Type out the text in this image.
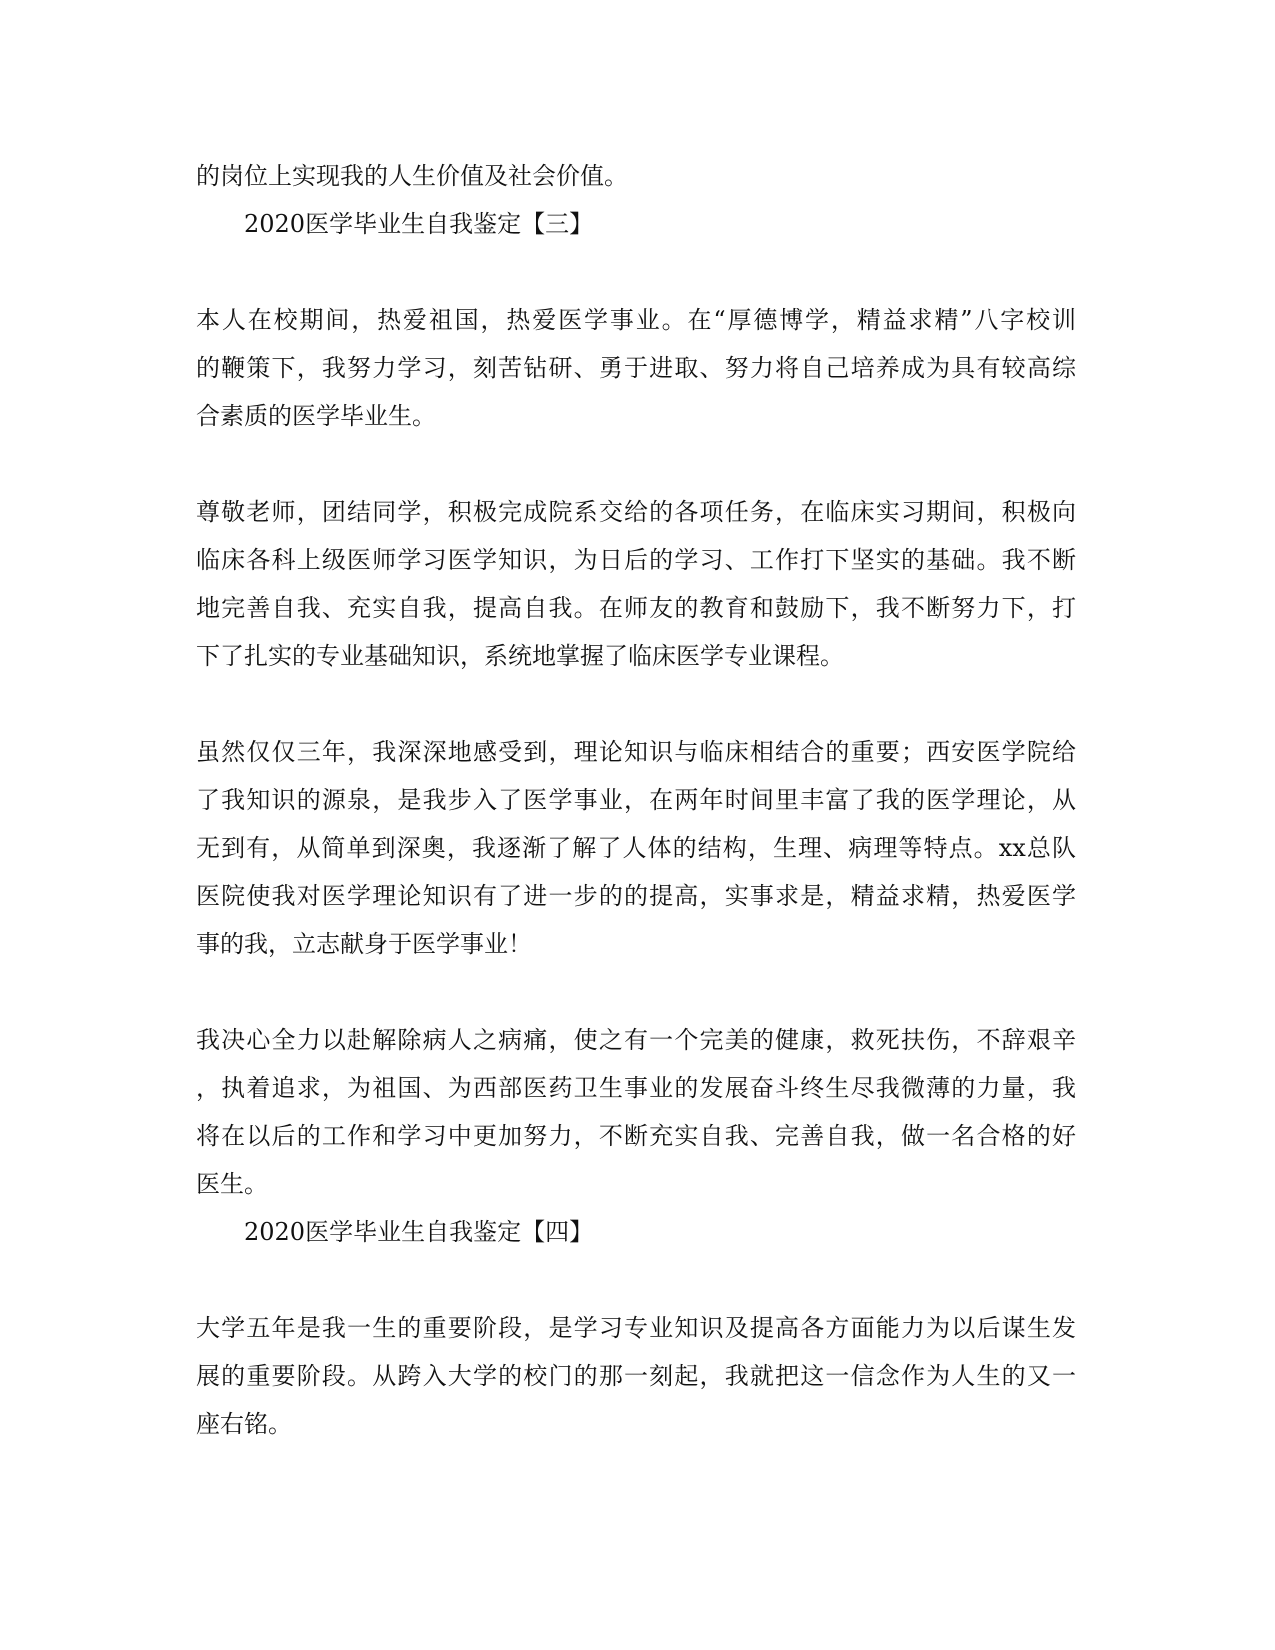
的岗位上实现我的人生价值及社会价值。
2020医学毕业生自我鉴定【三】
本人在校期间，热爱祖国，热爱医学事业。在“厚德博学，精益求精”八字校训
的鞭策下，我努力学习，刻苦钻研、勇于进取、努力将自己培养成为具有较高综
合素质的医学毕业生。
尊敬老师，团结同学，积极完成院系交给的各项任务，在临床实习期间，积极向
临床各科上级医师学习医学知识，为日后的学习、工作打下坚实的基础。我不断
地完善自我、充实自我，提高自我。在师友的教育和鼓励下，我不断努力下，打
下了扎实的专业基础知识，系统地掌握了临床医学专业课程。
虽然仅仅三年，我深深地感受到，理论知识与临床相结合的重要；西安医学院给
了我知识的源泉，是我步入了医学事业，在两年时间里丰富了我的医学理论，从
无到有，从简单到深奥，我逐渐了解了人体的结构，生理、病理等特点。xx总队
医院使我对医学理论知识有了进一步的的提高，实事求是，精益求精，热爱医学
事的我，立志献身于医学事业！
我决心全力以赴解除病人之病痛，使之有一个完美的健康，救死扶伤，不辞艰辛
，执着追求，为祖国、为西部医药卫生事业的发展奋斗终生尽我微薄的力量，我
将在以后的工作和学习中更加努力，不断充实自我、完善自我，做一名合格的好
医生。
2020医学毕业生自我鉴定【四】
大学五年是我一生的重要阶段，是学习专业知识及提高各方面能力为以后谋生发
展的重要阶段。从跨入大学的校门的那一刻起，我就把这一信念作为人生的又一
座右铭。
